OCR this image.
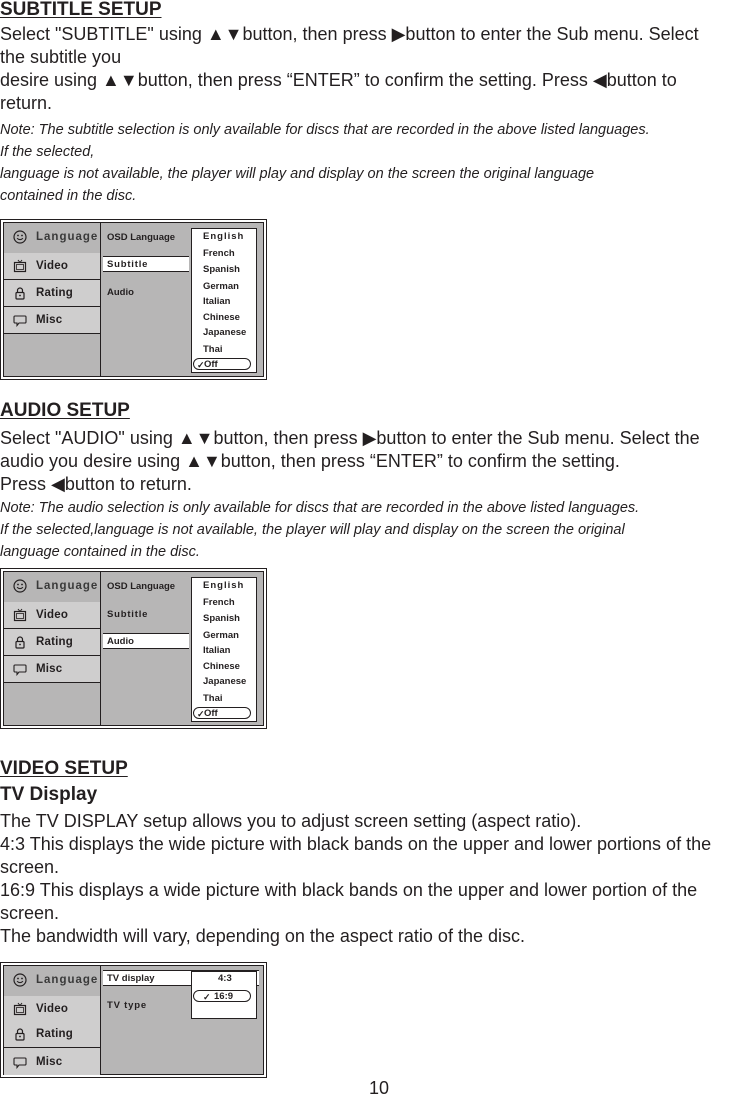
SUBTITLE SETUP

Select "SUBTITLE" using ▲▼button, then press ▶button to enter the Sub menu. Select
the subtitle you
desire using ▲▼button, then press “ENTER” to confirm the setting. Press ◀button to
return.

Note: The subtitle selection is only available for discs that are recorded in the above listed languages.
If the selected,
language is not available, the player will play and display on the screen the original language
contained in the disc.

Language
Video
Rating
Misc
OSD Language
Subtitle
Audio
English
French
Spanish
German
Italian
Chinese
Japanese
Thai
✓ Off
AUDIO SETUP

Select "AUDIO" using ▲▼button, then press ▶button to enter the Sub menu. Select the
audio you desire using ▲▼button, then press “ENTER” to confirm the setting.
Press ◀button to return.

Note: The audio selection is only available for discs that are recorded in the above listed languages.
If the selected,language is not available, the player will play and display on the screen the original
language contained in the disc.

Language
Video
Rating
Misc
OSD Language
Subtitle
Audio
English
French
Spanish
German
Italian
Chinese
Japanese
Thai
✓ Off
VIDEO SETUP
TV Display

The TV DISPLAY setup allows you to adjust screen setting (aspect ratio).
4:3 This displays the wide picture with black bands on the upper and lower portions of the
screen.
16:9 This displays a wide picture with black bands on the upper and lower portion of the
screen.
The bandwidth will vary, depending on the aspect ratio of the disc.

Language
Video
Rating
Misc
TV display
TV type
4:3
✓ 16:9

10
